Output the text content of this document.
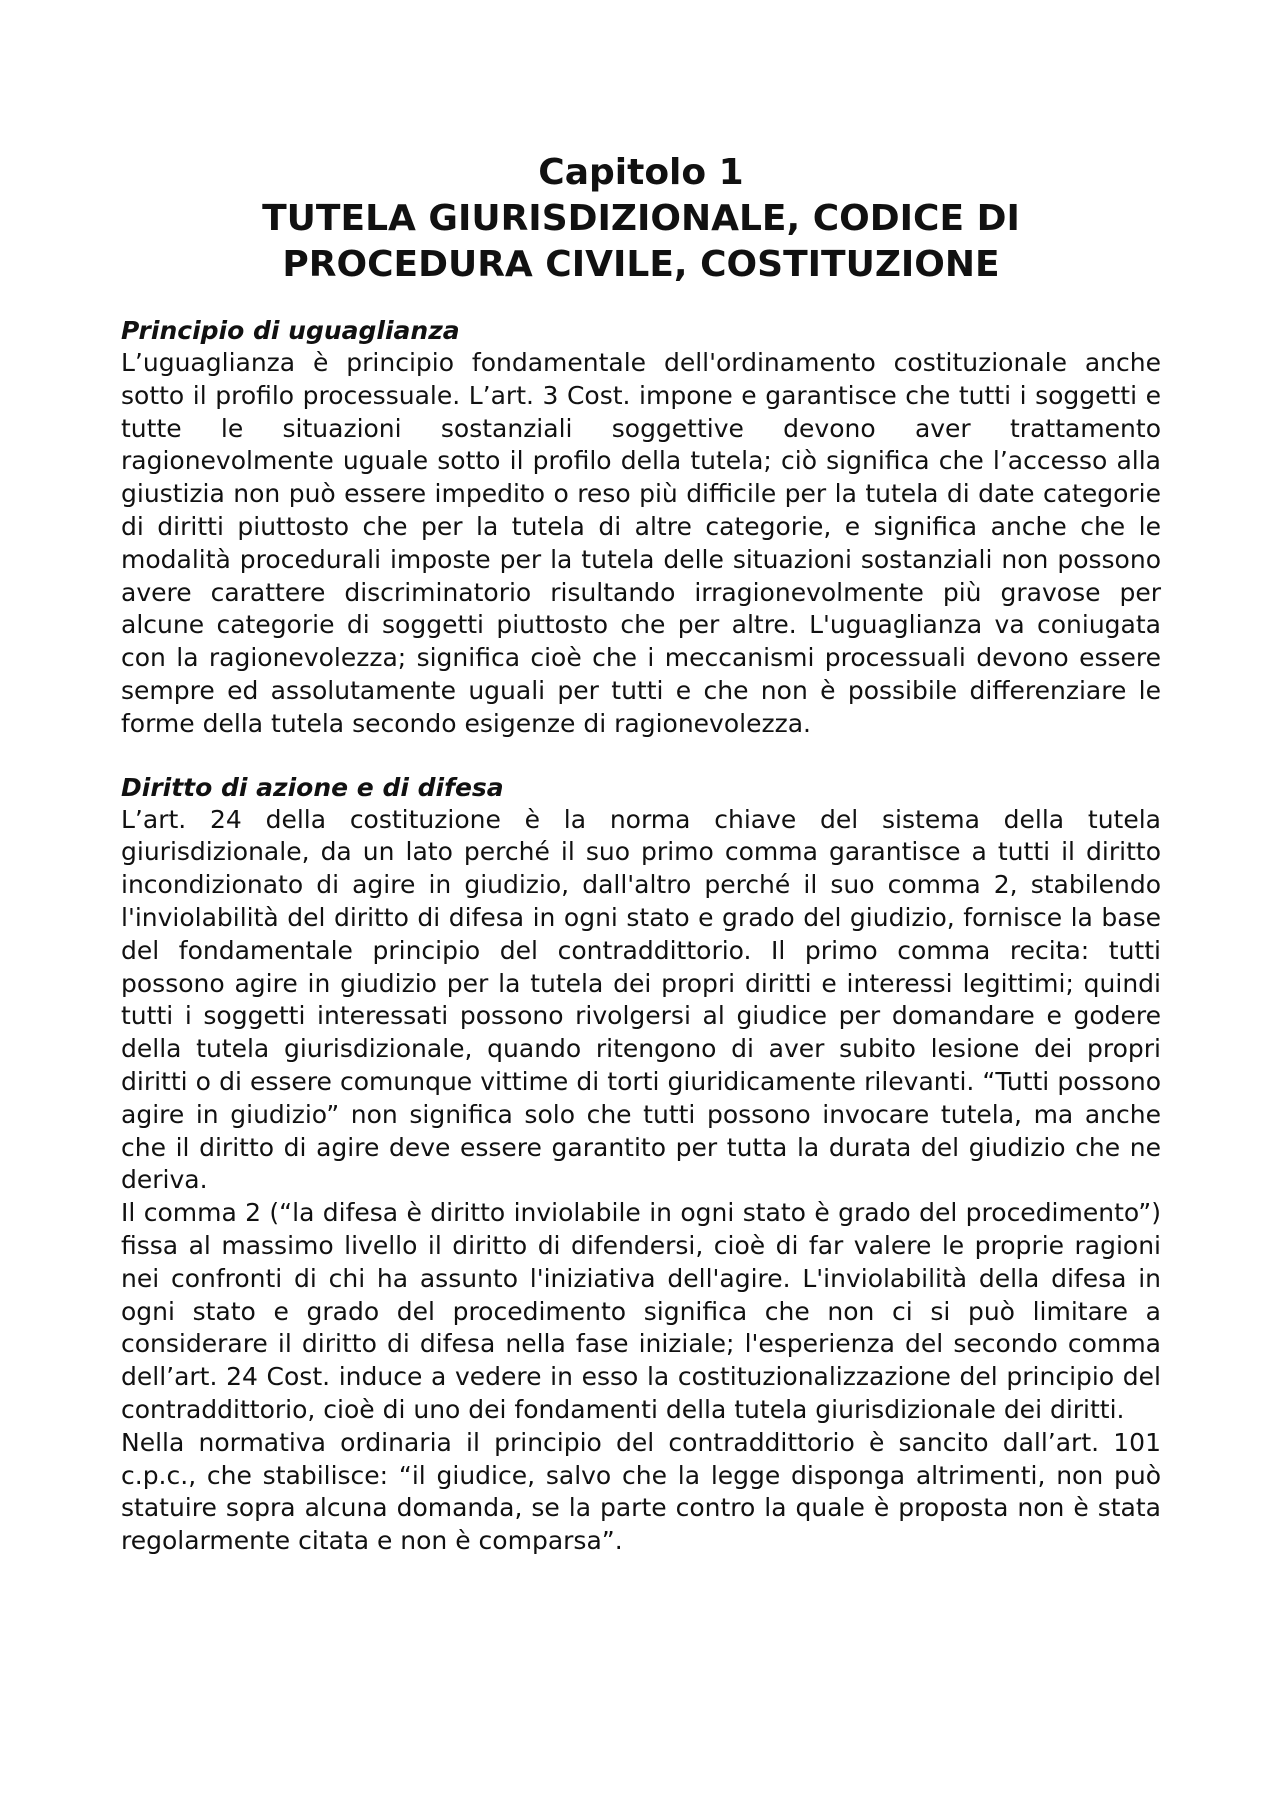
Capitolo 1
TUTELA GIURISDIZIONALE, CODICE DI
PROCEDURA CIVILE, COSTITUZIONE
Principio di uguaglianza

L’uguaglianza è principio fondamentale dell'ordinamento costituzionale anche sotto il profilo processuale. L’art. 3 Cost. impone e garantisce che tutti i soggetti e tutte le situazioni sostanziali soggettive devono aver trattamento ragionevolmente uguale sotto il profilo della tutela; ciò significa che l’accesso alla giustizia non può essere impedito o reso più difficile per la tutela di date categorie di diritti piuttosto che per la tutela di altre categorie, e significa anche che le modalità procedurali imposte per la tutela delle situazioni sostanziali non possono avere carattere discriminatorio risultando irragionevolmente più gravose per alcune categorie di soggetti piuttosto che per altre. L'uguaglianza va coniugata con la ragionevolezza; significa cioè che i meccanismi processuali devono essere sempre ed assolutamente uguali per tutti e che non è possibile differenziare le forme della tutela secondo esigenze di ragionevolezza.

Diritto di azione e di difesa

L’art. 24 della costituzione è la norma chiave del sistema della tutela giurisdizionale, da un lato perché il suo primo comma garantisce a tutti il diritto incondizionato di agire in giudizio, dall'altro perché il suo comma 2, stabilendo l'inviolabilità del diritto di difesa in ogni stato e grado del giudizio, fornisce la base del fondamentale principio del contraddittorio. Il primo comma recita: tutti possono agire in giudizio per la tutela dei propri diritti e interessi legittimi; quindi tutti i soggetti interessati possono rivolgersi al giudice per domandare e godere della tutela giurisdizionale, quando ritengono di aver subito lesione dei propri diritti o di essere comunque vittime di torti giuridicamente rilevanti. “Tutti possono agire in giudizio” non significa solo che tutti possono invocare tutela, ma anche che il diritto di agire deve essere garantito per tutta la durata del giudizio che ne deriva.

Il comma 2 (“la difesa è diritto inviolabile in ogni stato è grado del procedimento”) fissa al massimo livello il diritto di difendersi, cioè di far valere le proprie ragioni nei confronti di chi ha assunto l'iniziativa dell'agire. L'inviolabilità della difesa in ogni stato e grado del procedimento significa che non ci si può limitare a considerare il diritto di difesa nella fase iniziale; l'esperienza del secondo comma dell’art. 24 Cost. induce a vedere in esso la costituzionalizzazione del principio del contraddittorio, cioè di uno dei fondamenti della tutela giurisdizionale dei diritti.

Nella normativa ordinaria il principio del contraddittorio è sancito dall’art. 101 c.p.c., che stabilisce: “il giudice, salvo che la legge disponga altrimenti, non può statuire sopra alcuna domanda, se la parte contro la quale è proposta non è stata regolarmente citata e non è comparsa”.
